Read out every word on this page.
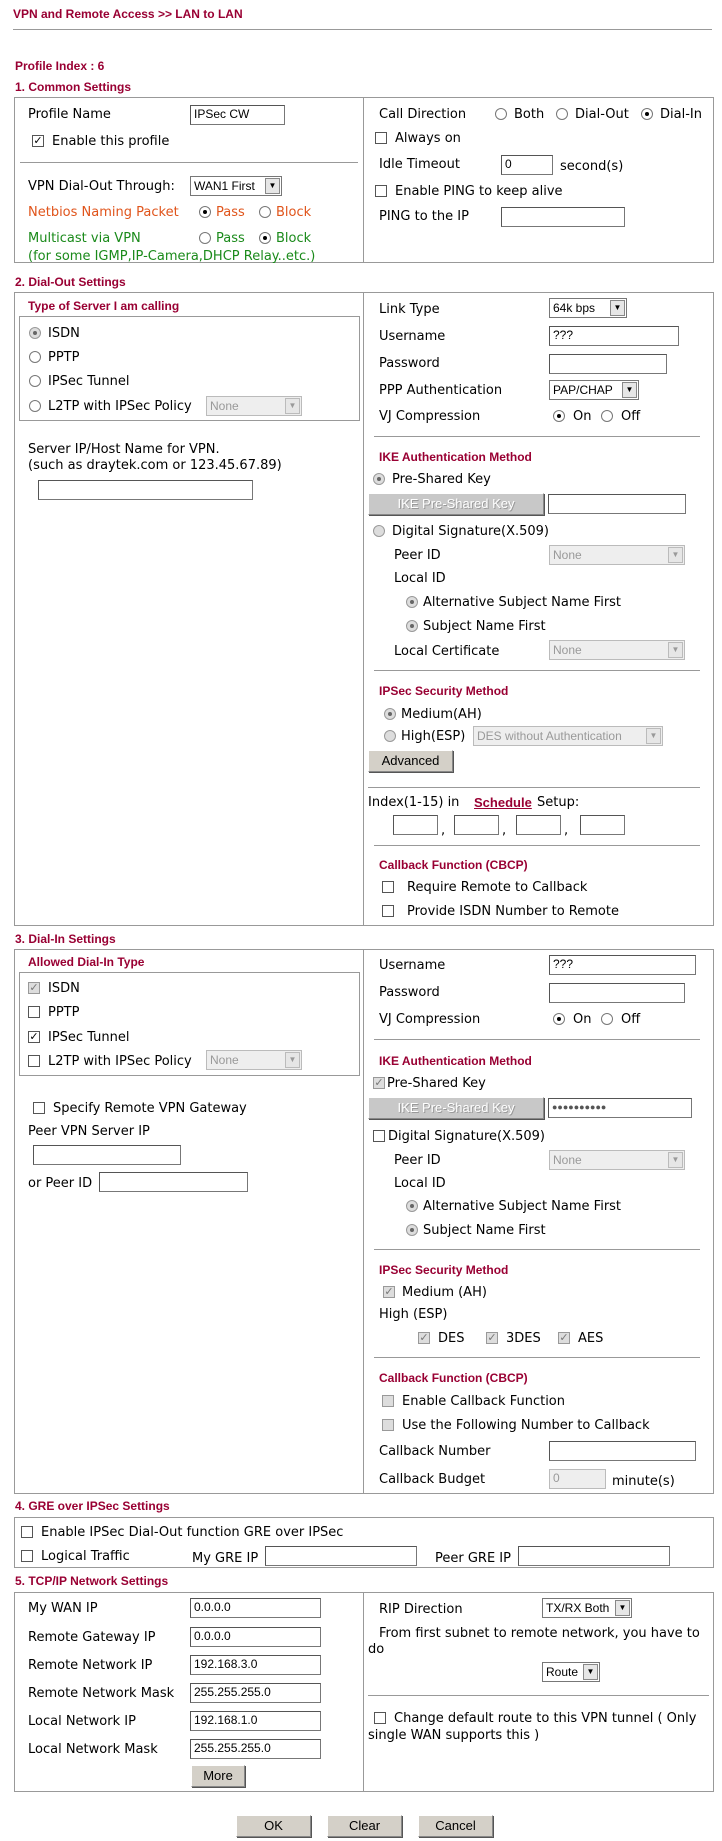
VPN and Remote Access >> LAN to LAN
Profile Index : 6
1. Common Settings
Profile Name	IPSec CW
✓ Enable this profile
VPN Dial-Out Through:	WAN1 First	▼
Netbios Naming Packet	Pass Block
Multicast via VPN	Pass Block
(for some IGMP,IP-Camera,DHCP Relay..etc.)
Call Direction	Both Dial-Out Dial-In
Always on
Idle Timeout	0	second(s)
Enable PING to keep alive
PING to the IP
2. Dial-Out Settings
Type of Server I am calling
ISDN
PPTP
IPSec Tunnel
L2TP with IPSec Policy	None	▼
Server IP/Host Name for VPN.
(such as draytek.com or 123.45.67.89)
Link Type	64k bps	▼
Username	???
Password
PPP Authentication	PAP/CHAP	▼
VJ Compression	On Off
IKE Authentication Method
Pre-Shared Key
IKE Pre-Shared Key
Digital Signature(X.509)
Peer ID	None	▼
Local ID
Alternative Subject Name First
Subject Name First
Local Certificate	None	▼
IPSec Security Method
Medium(AH)
High(ESP) DES without Authentication	▼
Advanced
Index(1-15) in Schedule Setup:
,	,	,
Callback Function (CBCP)
Require Remote to Callback
Provide ISDN Number to Remote
3. Dial-In Settings
Allowed Dial-In Type
✓ ISDN
PPTP
✓ IPSec Tunnel
L2TP with IPSec Policy	None	▼
Specify Remote VPN Gateway
Peer VPN Server IP
or Peer ID
Username	???
Password
VJ Compression	On Off
IKE Authentication Method
✓ Pre-Shared Key
IKE Pre-Shared Key	●●●●●●●●●●
Digital Signature(X.509)
Peer ID	None	▼
Local ID
Alternative Subject Name First
Subject Name First
IPSec Security Method
✓ Medium (AH)
High (ESP)
✓ DES ✓ 3DES ✓ AES
Callback Function (CBCP)
Enable Callback Function
Use the Following Number to Callback
Callback Number
Callback Budget	0	minute(s)
4. GRE over IPSec Settings
Enable IPSec Dial-Out function GRE over IPSec
Logical Traffic	My GRE IP	Peer GRE IP
5. TCP/IP Network Settings
My WAN IP	0.0.0.0
Remote Gateway IP	0.0.0.0
Remote Network IP	192.168.3.0
Remote Network Mask	255.255.255.0
Local Network IP	192.168.1.0
Local Network Mask	255.255.255.0
More
RIP Direction	TX/RX Both	▼
From first subnet to remote network, you have to
do
Route	▼
Change default route to this VPN tunnel ( Only
single WAN supports this )
OK	Clear	Cancel
